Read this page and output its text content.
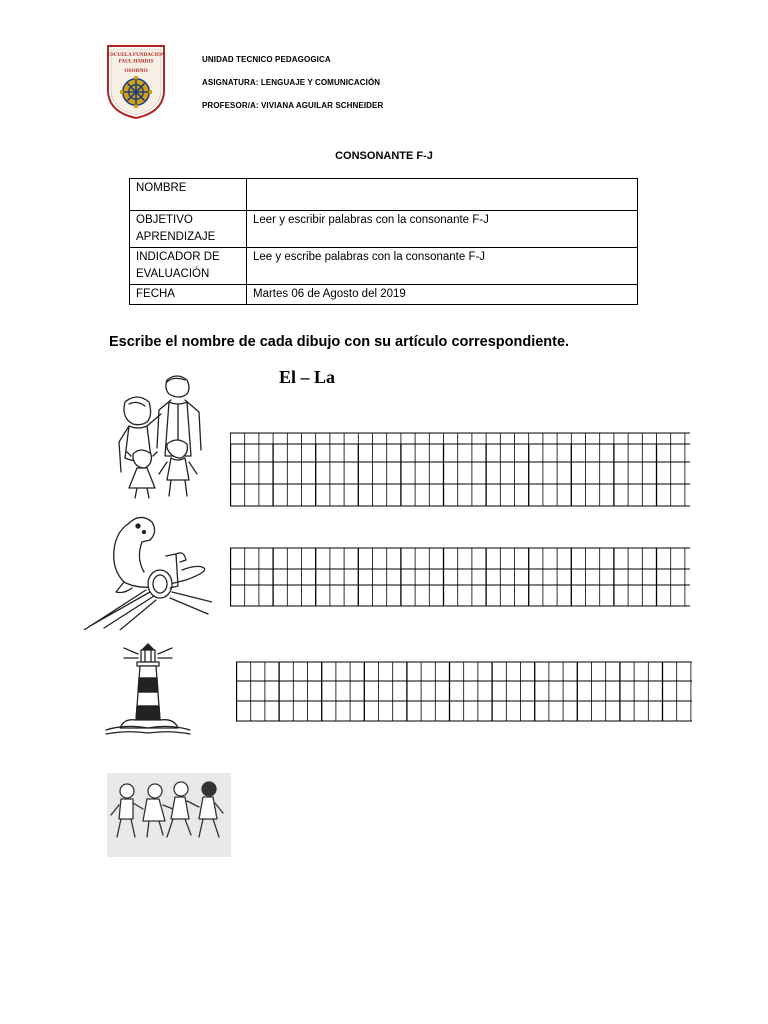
ESCUELA FUNDACION
PAUL HARRIS
OSORNO
UNIDAD TECNICO PEDAGOGICA
ASIGNATURA: LENGUAJE Y COMUNICACIÓN
PROFESOR/A: VIVIANA AGUILAR SCHNEIDER
CONSONANTE F-J
NOMBRE	
OBJETIVO APRENDIZAJE	Leer y escribir palabras con la consonante F-J
INDICADOR DE EVALUACIÓN	Lee y escribe palabras con la consonante F-J
FECHA	Martes 06 de Agosto del 2019
Escribe el nombre de cada dibujo con su artículo correspondiente.
El – La
